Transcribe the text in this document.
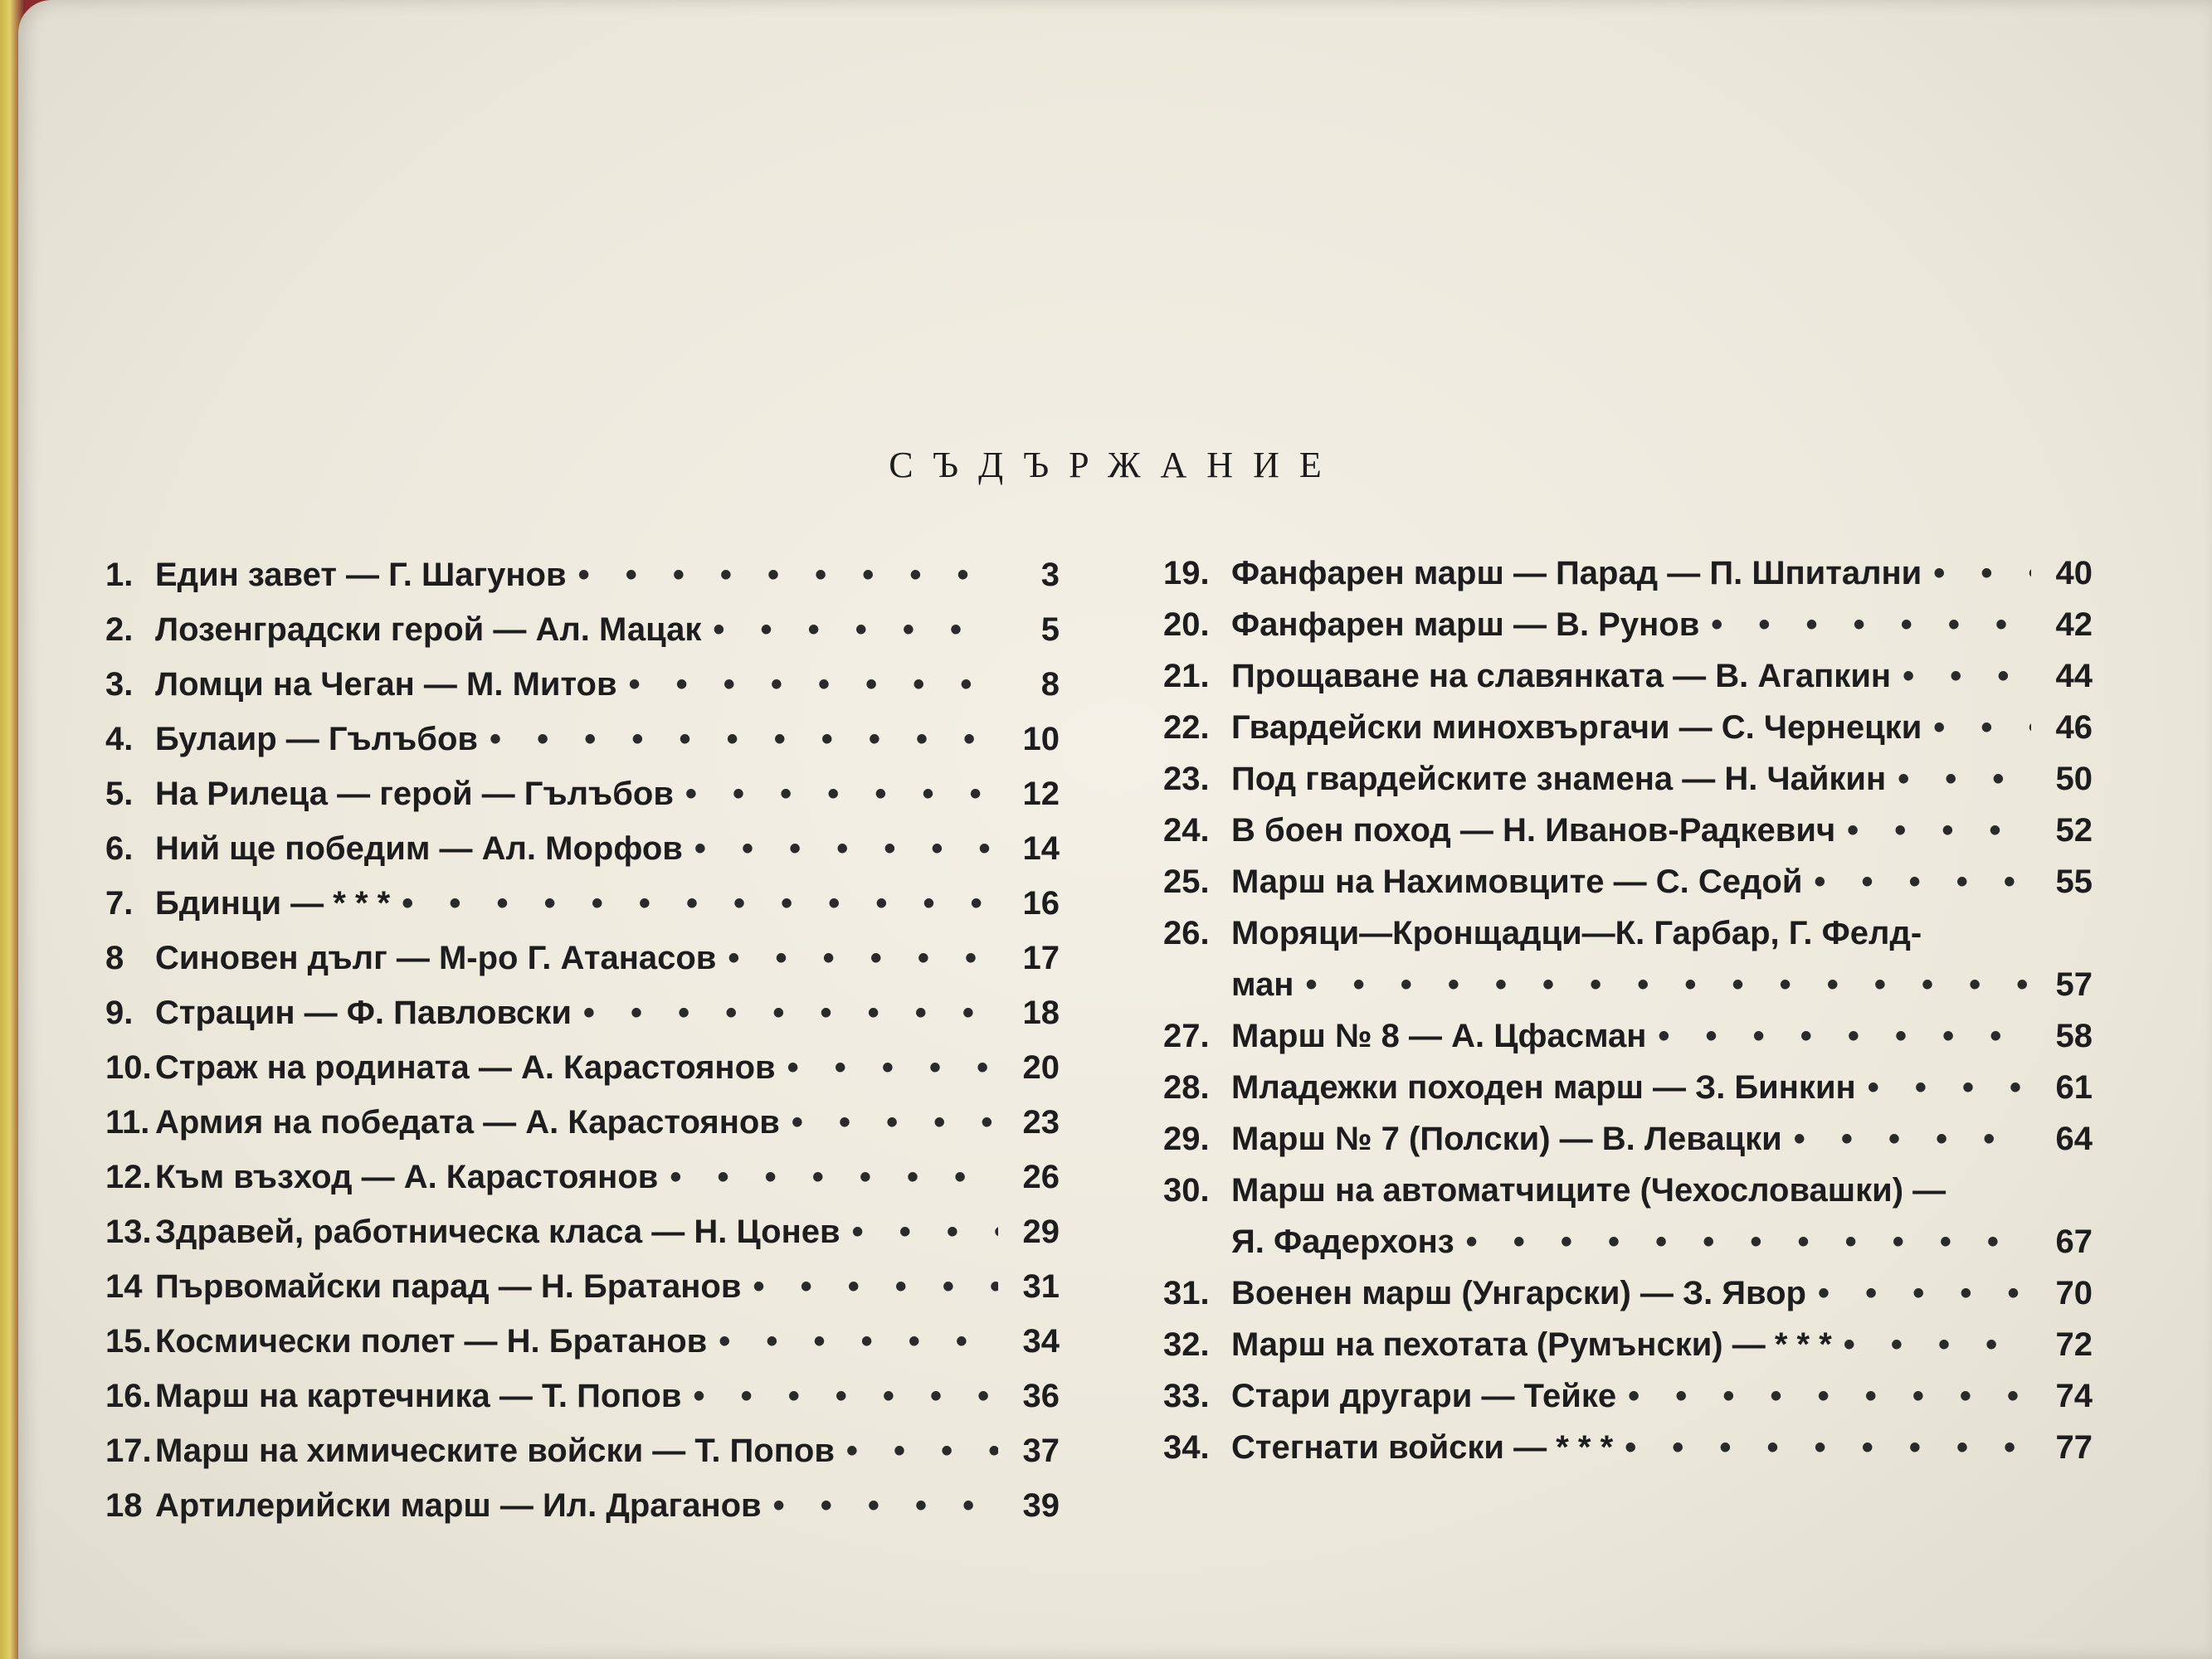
СЪДЪРЖАНИЕ
1. Един завет — Г. Шагунов • • •	3
2. Лозенградски герой — Ал. Мацак • • •	5
3. Ломци на Чеган — М. Митов • • •	8
4. Булаир — Гълъбов • • •	10
5. На Рилеца — герой — Гълъбов • • •	12
6. Ний ще победим — Ал. Морфов • • •	14
7. Бдинци — * * * • • •	16
8 Синовен дълг — М-ро Г. Атанасов • • •	17
9. Страцин — Ф. Павловски • • •	18
10. Страж на родината — А. Карастоянов • • •	20
11. Армия на победата — А. Карастоянов • • •	23
12. Към възход — А. Карастоянов • • •	26
13. Здравей, работническа класа — Н. Цонев • • •	29
14 Първомайски парад — Н. Братанов • • •	31
15. Космически полет — Н. Братанов • • •	34
16. Марш на картечника — Т. Попов • • •	36
17. Марш на химическите войски — Т. Попов • • •	37
18 Артилерийски марш — Ил. Драганов • • •	39
19. Фанфарен марш — Парад — П. Шпитални • • •	40
20. Фанфарен марш — В. Рунов • • •	42
21. Прощаване на славянката — В. Агапкин • • •	44
22. Гвардейски минохвъргачи — С. Чернецки • • •	46
23. Под гвардейските знамена — Н. Чайкин • • •	50
24. В боен поход — Н. Иванов-Радкевич • • •	52
25. Марш на Нахимовците — С. Седой • • •	55
26. Моряци—Кронщадци—К. Гарбар, Г. Фелд-
ман • • •	57
27. Марш № 8 — А. Цфасман • • •	58
28. Младежки походен марш — З. Бинкин • • •	61
29. Марш № 7 (Полски) — В. Левацки • • •	64
30. Марш на автоматчиците (Чехословашки) —
Я. Фадерхонз • • •	67
31. Военен марш (Унгарски) — З. Явор • • •	70
32. Марш на пехотата (Румънски) — * * * • • •	72
33. Стари другари — Тейке • • •	74
34. Стегнати войски — * * * • • •	77
